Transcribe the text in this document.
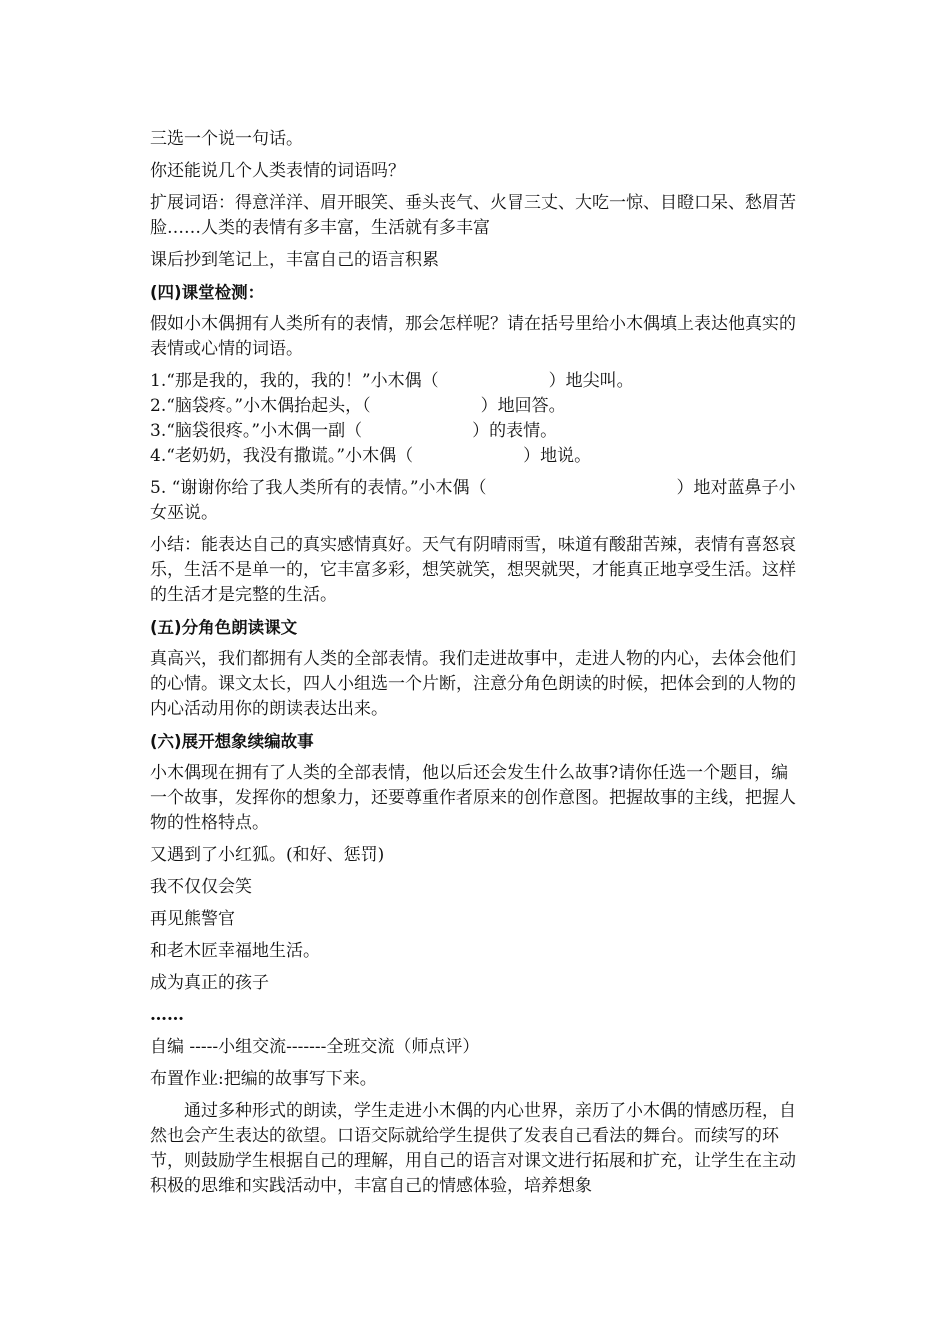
三选一个说一句话。

你还能说几个人类表情的词语吗？

扩展词语：得意洋洋、眉开眼笑、垂头丧气、火冒三丈、大吃一惊、目瞪口呆、愁眉苦脸……人类的表情有多丰富，生活就有多丰富

课后抄到笔记上，丰富自己的语言积累

(四)课堂检测：

假如小木偶拥有人类所有的表情，那会怎样呢？请在括号里给小木偶填上表达他真实的表情或心情的词语。

1.“那是我的，我的，我的！”小木偶（	）地尖叫。

2.“脑袋疼。”小木偶抬起头，（	）地回答。

3.“脑袋很疼。”小木偶一副（	）的表情。

4.“老奶奶，我没有撒谎。”小木偶（	）地说。

5. “谢谢你给了我人类所有的表情。”小木偶（	）地对蓝鼻子小女巫说。

小结：能表达自己的真实感情真好。天气有阴晴雨雪，味道有酸甜苦辣，表情有喜怒哀乐，生活不是单一的，它丰富多彩，想笑就笑，想哭就哭，才能真正地享受生活。这样的生活才是完整的生活。

(五)分角色朗读课文

真高兴，我们都拥有人类的全部表情。我们走进故事中，走进人物的内心，去体会他们的心情。课文太长，四人小组选一个片断，注意分角色朗读的时候，把体会到的人物的内心活动用你的朗读表达出来。

(六)展开想象续编故事

小木偶现在拥有了人类的全部表情，他以后还会发生什么故事?请你任选一个题目，编一个故事，发挥你的想象力，还要尊重作者原来的创作意图。把握故事的主线，把握人物的性格特点。

又遇到了小红狐。(和好、惩罚)

我不仅仅会笑

再见熊警官

和老木匠幸福地生活。

成为真正的孩子

……

自编 -----小组交流-------全班交流（师点评）

布置作业:把编的故事写下来。

通过多种形式的朗读，学生走进小木偶的内心世界，亲历了小木偶的情感历程，自然也会产生表达的欲望。口语交际就给学生提供了发表自己看法的舞台。而续写的环节，则鼓励学生根据自己的理解，用自己的语言对课文进行拓展和扩充，让学生在主动积极的思维和实践活动中，丰富自己的情感体验，培养想象
